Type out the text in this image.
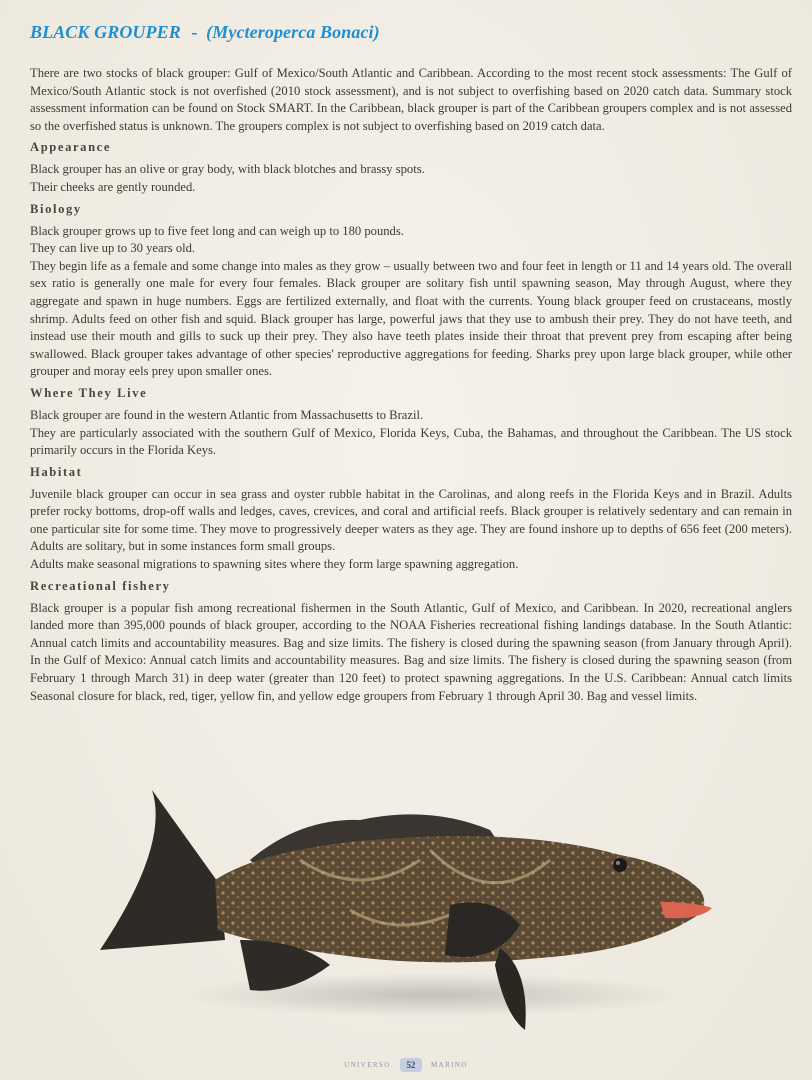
BLACK GROUPER - (Mycteroperca Bonaci)

There are two stocks of black grouper: Gulf of Mexico/South Atlantic and Caribbean. According to the most recent stock assessments: The Gulf of Mexico/South Atlantic stock is not overfished (2010 stock assessment), and is not subject to overfishing based on 2020 catch data. Summary stock assessment information can be found on Stock SMART. In the Caribbean, black grouper is part of the Caribbean groupers complex and is not assessed so the overfished status is unknown. The groupers complex is not subject to overfishing based on 2019 catch data.

Appearance

Black grouper has an olive or gray body, with black blotches and brassy spots.

Their cheeks are gently rounded.

Biology

Black grouper grows up to five feet long and can weigh up to 180 pounds.

They can live up to 30 years old.

They begin life as a female and some change into males as they grow – usually between two and four feet in length or 11 and 14 years old. The overall sex ratio is generally one male for every four females. Black grouper are solitary fish until spawning season, May through August, where they aggregate and spawn in huge numbers. Eggs are fertilized externally, and float with the currents. Young black grouper feed on crustaceans, mostly shrimp. Adults feed on other fish and squid. Black grouper has large, powerful jaws that they use to ambush their prey. They do not have teeth, and instead use their mouth and gills to suck up their prey. They also have teeth plates inside their throat that prevent prey from escaping after being swallowed. Black grouper takes advantage of other species' reproductive aggregations for feeding. Sharks prey upon large black grouper, while other grouper and moray eels prey upon smaller ones.

Where They Live

Black grouper are found in the western Atlantic from Massachusetts to Brazil.

They are particularly associated with the southern Gulf of Mexico, Florida Keys, Cuba, the Bahamas, and throughout the Caribbean. The US stock primarily occurs in the Florida Keys.

Habitat

Juvenile black grouper can occur in sea grass and oyster rubble habitat in the Carolinas, and along reefs in the Florida Keys and in Brazil. Adults prefer rocky bottoms, drop-off walls and ledges, caves, crevices, and coral and artificial reefs. Black grouper is relatively sedentary and can remain in one particular site for some time. They move to progressively deeper waters as they age. They are found inshore up to depths of 656 feet (200 meters). Adults are solitary, but in some instances form small groups.

Adults make seasonal migrations to spawning sites where they form large spawning aggregation.

Recreational fishery

Black grouper is a popular fish among recreational fishermen in the South Atlantic, Gulf of Mexico, and Caribbean. In 2020, recreational anglers landed more than 395,000 pounds of black grouper, according to the NOAA Fisheries recreational fishing landings database. In the South Atlantic: Annual catch limits and accountability measures. Bag and size limits. The fishery is closed during the spawning season (from January through April). In the Gulf of Mexico: Annual catch limits and accountability measures. Bag and size limits. The fishery is closed during the spawning season (from February 1 through March 31) in deep water (greater than 120 feet) to protect spawning aggregations. In the U.S. Caribbean: Annual catch limits Seasonal closure for black, red, tiger, yellow fin, and yellow edge groupers from February 1 through April 30. Bag and vessel limits.

UNIVERSO 52 MARINO
